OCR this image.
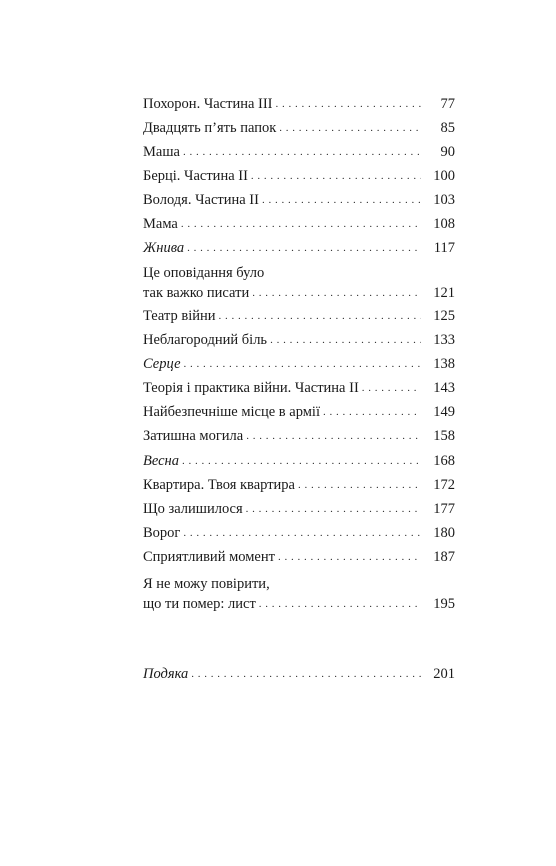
Похорон. Частина III . . .	77
Двадцять п’ять папок . . .	85
Маша . . .	90
Берці. Частина II . . .	100
Володя. Частина II . . .	103
Мама . . .	108
Жнива . . .	117
Це оповідання було
так важко писати . . .	121
Театр війни . . .	125
Неблагородний біль . . .	133
Серце . . .	138
Теорія і практика війни. Частина II . . .	143
Найбезпечніше місце в армії . . .	149
Затишна могила . . .	158
Весна . . .	168
Квартира. Твоя квартира . . .	172
Що залишилося . . .	177
Ворог . . .	180
Сприятливий момент . . .	187
Я не можу повірити,
що ти помер: лист . . .	195
Подяка . . .	201
